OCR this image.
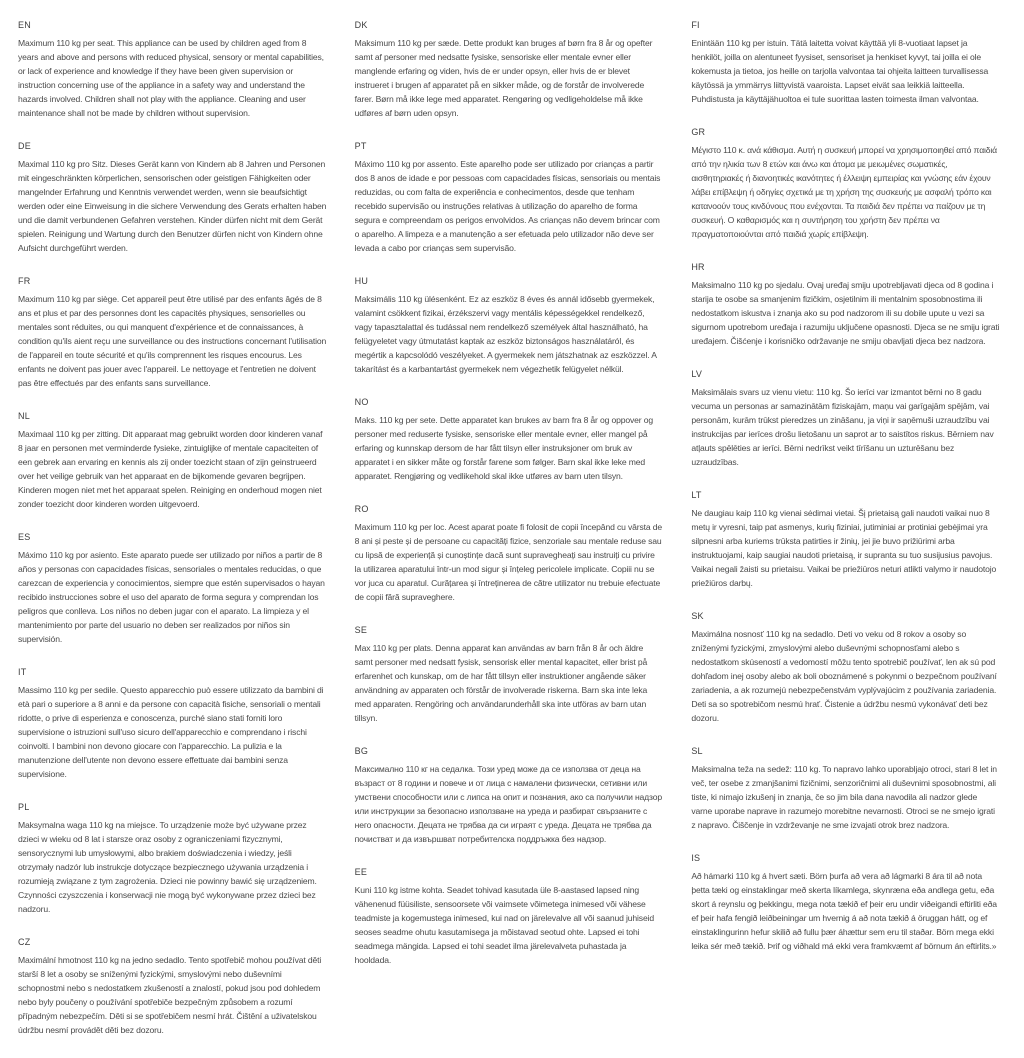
EN

Maximum 110 kg per seat. This appliance can be used by children aged from 8 years and above and persons with reduced physical, sensory or mental capabilities, or lack of experience and knowledge if they have been given supervision or instruction concerning use of the appliance in a safety way and understand the hazards involved. Children shall not play with the appliance. Cleaning and user maintenance shall not be made by children without supervision.

DE

Maximal 110 kg pro Sitz. Dieses Gerät kann von Kindern ab 8 Jahren und Personen mit eingeschränkten körperlichen, sensorischen oder geistigen Fähigkeiten oder mangelnder Erfahrung und Kenntnis verwendet werden, wenn sie beaufsichtigt werden oder eine Einweisung in die sichere Verwendung des Gerats erhalten haben und die damit verbundenen Gefahren verstehen. Kinder dürfen nicht mit dem Gerät spielen. Reinigung und Wartung durch den Benutzer dürfen nicht von Kindern ohne Aufsicht durchgeführt werden.

FR

Maximum 110 kg par siège. Cet appareil peut être utilisé par des enfants âgés de 8 ans et plus et par des personnes dont les capacités physiques, sensorielles ou mentales sont réduites, ou qui manquent d'expérience et de connaissances, à condition qu'ils aient reçu une surveillance ou des instructions concernant l'utilisation de l'appareil en toute sécurité et qu'ils comprennent les risques encourus. Les enfants ne doivent pas jouer avec l'appareil. Le nettoyage et l'entretien ne doivent pas être effectués par des enfants sans surveillance.

NL

Maximaal 110 kg per zitting. Dit apparaat mag gebruikt worden door kinderen vanaf 8 jaar en personen met verminderde fysieke, zintuiglijke of mentale capaciteiten of een gebrek aan ervaring en kennis als zij onder toezicht staan of zijn geinstrueerd over het veilige gebruik van het apparaat en de bijkomende gevaren begrijpen. Kinderen mogen niet met het apparaat spelen. Reiniging en onderhoud mogen niet zonder toezicht door kinderen worden uitgevoerd.

ES

Máximo 110 kg por asiento. Este aparato puede ser utilizado por niños a partir de 8 años y personas con capacidades físicas, sensoriales o mentales reducidas, o que carezcan de experiencia y conocimientos, siempre que estén supervisados o hayan recibido instrucciones sobre el uso del aparato de forma segura y comprendan los peligros que conlleva. Los niños no deben jugar con el aparato. La limpieza y el mantenimiento por parte del usuario no deben ser realizados por niños sin supervisión.

IT

Massimo 110 kg per sedile. Questo apparecchio può essere utilizzato da bambini di età pari o superiore a 8 anni e da persone con capacità fisiche, sensoriali o mentali ridotte, o prive di esperienza e conoscenza, purché siano stati forniti loro supervisione o istruzioni sull'uso sicuro dell'apparecchio e comprendano i rischi coinvolti. I bambini non devono giocare con l'apparecchio. La pulizia e la manutenzione dell'utente non devono essere effettuate dai bambini senza supervisione.

PL

Maksymalna waga 110 kg na miejsce. To urządzenie może być używane przez dzieci w wieku od 8 lat i starsze oraz osoby z ograniczeniami fizycznymi, sensorycznymi lub umysłowymi, albo brakiem doświadczenia i wiedzy, jeśli otrzymały nadzór lub instrukcje dotyczące bezpiecznego używania urządzenia i rozumieją związane z tym zagrożenia. Dzieci nie powinny bawić się urządzeniem. Czynności czyszczenia i konserwacji nie mogą być wykonywane przez dzieci bez nadzoru.

CZ

Maximální hmotnost 110 kg na jedno sedadlo. Tento spotřebič mohou používat děti starší 8 let a osoby se sníženými fyzickými, smyslovými nebo duševními schopnostmi nebo s nedostatkem zkušeností a znalostí, pokud jsou pod dohledem nebo byly poučeny o používání spotřebiče bezpečným způsobem a rozumí případným nebezpečím. Děti si se spotřebičem nesmí hrát. Čištění a uživatelskou údržbu nesmí provádět děti bez dozoru.

DK

Maksimum 110 kg per sæde. Dette produkt kan bruges af børn fra 8 år og opefter samt af personer med nedsatte fysiske, sensoriske eller mentale evner eller manglende erfaring og viden, hvis de er under opsyn, eller hvis de er blevet instrueret i brugen af apparatet på en sikker måde, og de forstår de involverede farer. Børn må ikke lege med apparatet. Rengøring og vedligeholdelse må ikke udføres af børn uden opsyn.

PT

Máximo 110 kg por assento. Este aparelho pode ser utilizado por crianças a partir dos 8 anos de idade e por pessoas com capacidades físicas, sensoriais ou mentais reduzidas, ou com falta de experiência e conhecimentos, desde que tenham recebido supervisão ou instruções relativas à utilização do aparelho de forma segura e compreendam os perigos envolvidos. As crianças não devem brincar com o aparelho. A limpeza e a manutenção a ser efetuada pelo utilizador não deve ser levada a cabo por crianças sem supervisão.

HU

Maksimális 110 kg ülésenként. Ez az eszköz 8 éves és annál idősebb gyermekek, valamint csökkent fizikai, érzékszervi vagy mentális képességekkel rendelkező, vagy tapasztalattal és tudással nem rendelkező személyek által használható, ha felügyeletet vagy útmutatást kaptak az eszköz biztonságos használatáról, és megértik a kapcsolódó veszélyeket. A gyermekek nem játszhatnak az eszközzel. A takarítást és a karbantartást gyermekek nem végezhetik felügyelet nélkül.

NO

Maks. 110 kg per sete. Dette apparatet kan brukes av barn fra 8 år og oppover og personer med reduserte fysiske, sensoriske eller mentale evner, eller mangel på erfaring og kunnskap dersom de har fått tilsyn eller instruksjoner om bruk av apparatet i en sikker måte og forstår farene som følger. Barn skal ikke leke med apparatet. Rengjøring og vedlikehold skal ikke utføres av barn uten tilsyn.

RO

Maximum 110 kg per loc. Acest aparat poate fi folosit de copii începând cu vârsta de 8 ani și peste și de persoane cu capacități fizice, senzoriale sau mentale reduse sau cu lipsă de experiență și cunoștințe dacă sunt supravegheați sau instruiți cu privire la utilizarea aparatului într-un mod sigur și înțeleg pericolele implicate. Copiii nu se vor juca cu aparatul. Curățarea și întreținerea de către utilizator nu trebuie efectuate de copii fără supraveghere.

SE

Max 110 kg per plats. Denna apparat kan användas av barn från 8 år och äldre samt personer med nedsatt fysisk, sensorisk eller mental kapacitet, eller brist på erfarenhet och kunskap, om de har fått tillsyn eller instruktioner angående säker användning av apparaten och förstår de involverade riskerna. Barn ska inte leka med apparaten. Rengöring och användarunderhåll ska inte utföras av barn utan tillsyn.

BG

Максимално 110 кг на седалка. Този уред може да се използва от деца на възраст от 8 години и повече и от лица с намалени физически, сетивни или умствени способности или с липса на опит и познания, ако са получили надзор или инструкции за безопасно използване на уреда и разбират свързаните с него опасности. Децата не трябва да си играят с уреда. Децата не трябва да почистват и да извършват потребителска поддръжка без надзор.

EE

Kuni 110 kg istme kohta. Seadet tohivad kasutada üle 8-aastased lapsed ning vähenenud füüsiliste, sensoorsete või vaimsete võimetega inimesed või vähese teadmiste ja kogemustega inimesed, kui nad on järelevalve all või saanud juhiseid seoses seadme ohutu kasutamisega ja mõistavad seotud ohte. Lapsed ei tohi seadmega mängida. Lapsed ei tohi seadet ilma järelevalveta puhastada ja hooldada.

FI

Enintään 110 kg per istuin. Tätä laitetta voivat käyttää yli 8-vuotiaat lapset ja henkilöt, joilla on alentuneet fyysiset, sensoriset ja henkiset kyvyt, tai joilla ei ole kokemusta ja tietoa, jos heille on tarjolla valvontaa tai ohjeita laitteen turvallisessa käytössä ja ymmärrys liittyvistä vaaroista. Lapset eivät saa leikkiä laitteella. Puhdistusta ja käyttäjähuoltoa ei tule suorittaa lasten toimesta ilman valvontaa.

GR

Μέγιστο 110 κ. ανά κάθισμα. Αυτή η συσκευή μπορεί να χρησιμοποιηθεί από παιδιά από την ηλικία των 8 ετών και άνω και άτομα με μειωμένες σωματικές, αισθητηριακές ή διανοητικές ικανότητες ή έλλειψη εμπειρίας και γνώσης εάν έχουν λάβει επίβλεψη ή οδηγίες σχετικά με τη χρήση της συσκευής με ασφαλή τρόπο και κατανοούν τους κινδύνους που ενέχονται. Τα παιδιά δεν πρέπει να παίζουν με τη συσκευή. Ο καθαρισμός και η συντήρηση του χρήστη δεν πρέπει να πραγματοποιούνται από παιδιά χωρίς επίβλεψη.

HR

Maksimalno 110 kg po sjedalu. Ovaj uređaj smiju upotrebljavati djeca od 8 godina i starija te osobe sa smanjenim fizičkim, osjetilnim ili mentalnim sposobnostima ili nedostatkom iskustva i znanja ako su pod nadzorom ili su dobile upute u vezi sa sigurnom upotrebom uređaja i razumiju uključene opasnosti. Djeca se ne smiju igrati uređajem. Čišćenje i korisničko održavanje ne smiju obavljati djeca bez nadzora.

LV

Maksimālais svars uz vienu vietu: 110 kg. Šo ierīci var izmantot bērni no 8 gadu vecuma un personas ar samazinātām fiziskajām, maņu vai garīgajām spējām, vai personām, kurām trūkst pieredzes un zināšanu, ja viņi ir saņēmuši uzraudzību vai instrukcijas par ierīces drošu lietošanu un saprot ar to saistītos riskus. Bērniem nav atļauts spēlēties ar ierīci. Bērni nedrīkst veikt tīrīšanu un uzturēšanu bez uzraudzības.

LT

Ne daugiau kaip 110 kg vienai sėdimai vietai. Šį prietaisą gali naudoti vaikai nuo 8 metų ir vyresni, taip pat asmenys, kurių fiziniai, jutiminiai ar protiniai gebėjimai yra silpnesni arba kuriems trūksta patirties ir žinių, jei jie buvo prižiūrimi arba instruktuojami, kaip saugiai naudoti prietaisą, ir supranta su tuo susijusius pavojus. Vaikai negali žaisti su prietaisu. Vaikai be priežiūros neturi atlikti valymo ir naudotojo priežiūros darbų.

SK

Maximálna nosnosť 110 kg na sedadlo. Deti vo veku od 8 rokov a osoby so zníženými fyzickými, zmyslovými alebo duševnými schopnosťami alebo s nedostatkom skúseností a vedomostí môžu tento spotrebič používať, len ak sú pod dohľadom inej osoby alebo ak boli oboznámené s pokynmi o bezpečnom používaní zariadenia, a ak rozumejú nebezpečenstvám vyplývajúcim z používania zariadenia. Deti sa so spotrebičom nesmú hrať. Čistenie a údržbu nesmú vykonávať deti bez dozoru.

SL

Maksimalna teža na sedež: 110 kg. To napravo lahko uporabljajo otroci, stari 8 let in več, ter osebe z zmanjšanimi fizičnimi, senzoričnimi ali duševnimi sposobnostmi, ali tiste, ki nimajo izkušenj in znanja, če so jim bila dana navodila ali nadzor glede varne uporabe naprave in razumejo morebitne nevarnosti. Otroci se ne smejo igrati z napravo. Čiščenje in vzdrževanje ne sme izvajati otrok brez nadzora.

IS

Að hámarki 110 kg á hvert sæti. Börn þurfa að vera að lágmarki 8 ára til að nota þetta tæki og einstaklingar með skerta líkamlega, skynræna eða andlega getu, eða skort á reynslu og þekkingu, mega nota tækið ef þeir eru undir viðeigandi eftirliti eða ef þeir hafa fengið leiðbeiningar um hvernig á að nota tækið á öruggan hátt, og ef einstaklingurinn hefur skilið að fullu þær áhættur sem eru til staðar. Börn mega ekki leika sér með tækið. Þrif og viðhald má ekki vera framkvæmt af börnum án eftirlits.»
